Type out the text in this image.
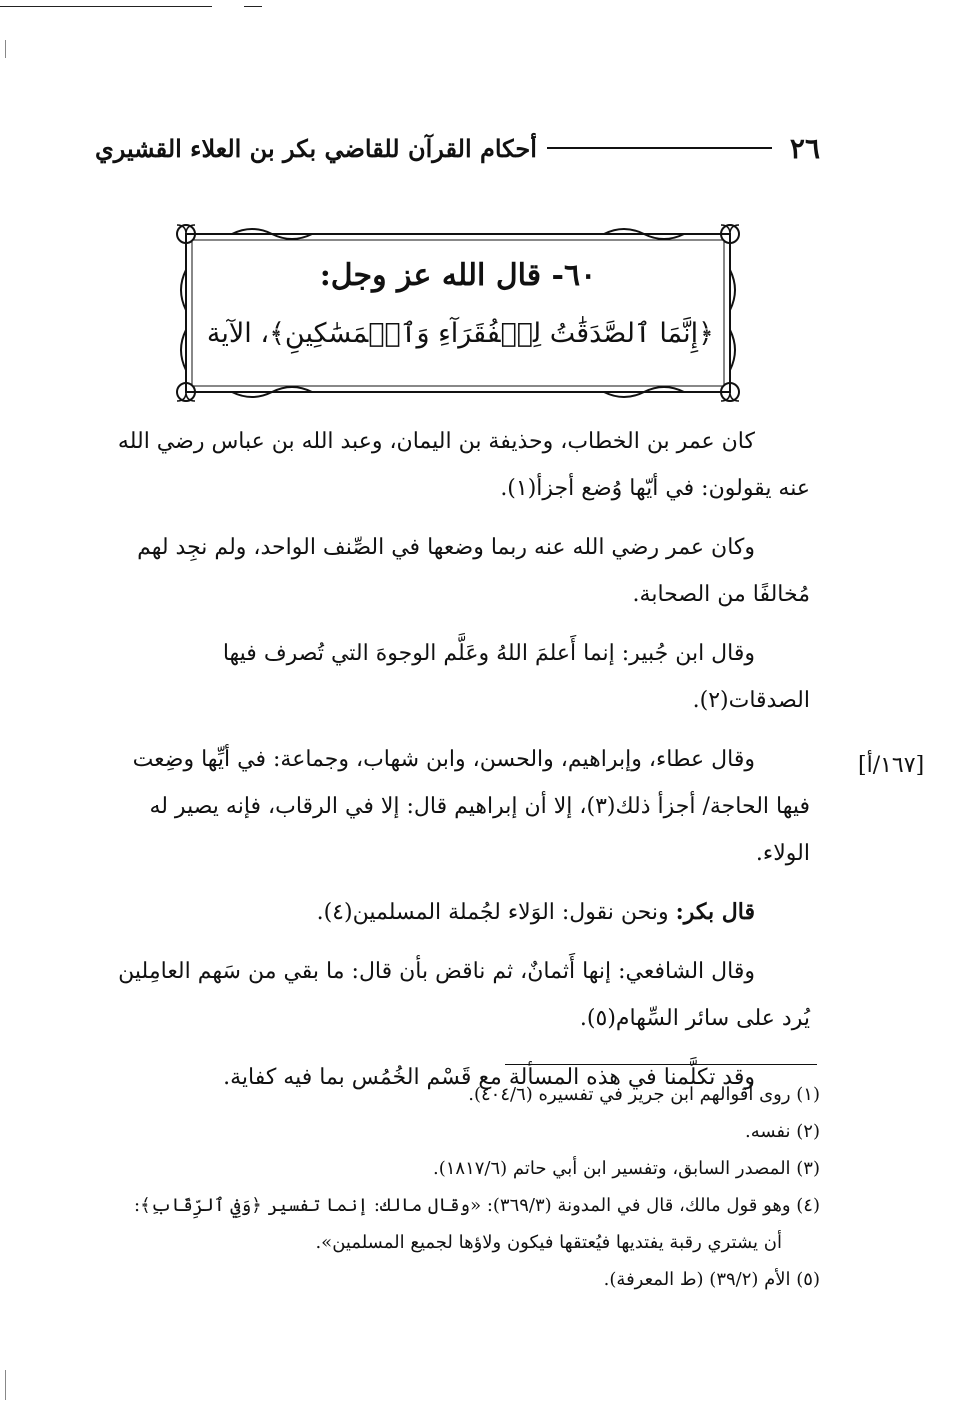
٢٦
أحكام القرآن للقاضي بكر بن العلاء القشيري
٦٠- قال الله عز وجل:
﴿إِنَّمَا ٱلصَّدَقَٰتُ لِلۡفُقَرَآءِ وَٱلۡمَسَٰكِينِ﴾، الآية
[١٦٧/أ]

كان عمر بن الخطاب، وحذيفة بن اليمان، وعبد الله بن عباس رضي الله عنه يقولون: في أيّها وُضع أجزأ(١).

وكان عمر رضي الله عنه ربما وضعها في الصِّنف الواحد، ولم نجِد لهم مُخالفًا من الصحابة.

وقال ابن جُبير: إنما أَعلمَ اللهُ وعَلَّم الوجوهَ التي تُصرف فيها الصدقات(٢).

وقال عطاء، وإبراهيم، والحسن، وابن شهاب، وجماعة: في أيِّها وضِعت فيها الحاجة/ أجزأ ذلك(٣)، إلا أن إبراهيم قال: إلا في الرقاب، فإنه يصير له الولاء.

قال بكر: ونحن نقول: الوَلاء لجُملة المسلمين(٤).

وقال الشافعي: إنها أَثمانٌ، ثم ناقض بأن قال: ما بقي من سَهم العامِلين يُرد على سائر السِّهام(٥).

وقد تكلَّمنا في هذه المسألة مع قَسْم الخُمُس بما فيه كفاية.

(١) روى أقوالهم ابن جرير في تفسيره (٤٠٤/٦).
(٢) نفسه.
(٣) المصدر السابق، وتفسير ابن أبي حاتم (١٨١٧/٦).
(٤) وهو قول مالك، قال في المدونة (٣٦٩/٣): «وقال مالك: إنما تفسير ﴿وَفِي ٱلرِّقَابِ﴾:
أن يشتري رقبة يفتديها فيُعتقها فيكون ولاؤها لجميع المسلمين».
(٥) الأم (٣٩/٢) (ط المعرفة).
